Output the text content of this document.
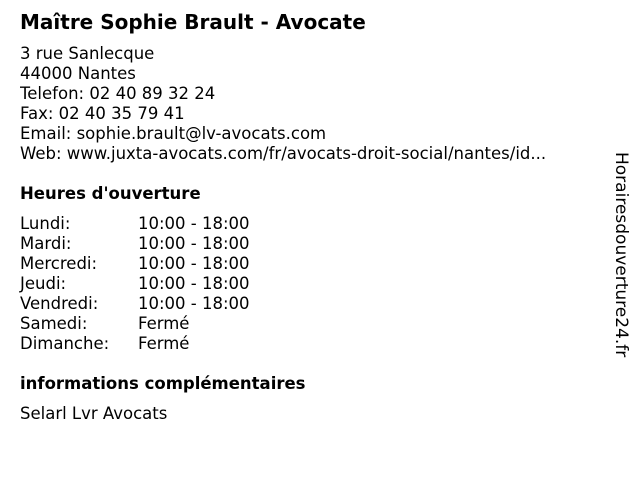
Maître Sophie Brault - Avocate
3 rue Sanlecque
44000 Nantes
Telefon: 02 40 89 32 24
Fax: 02 40 35 79 41
Email: sophie.brault@lv-avocats.com
Web: www.juxta-avocats.com/fr/avocats-droit-social/nantes/id...
Heures d'ouverture
Lundi:	10:00 - 18:00
Mardi:	10:00 - 18:00
Mercredi:	10:00 - 18:00
Jeudi:	10:00 - 18:00
Vendredi:	10:00 - 18:00
Samedi:	Fermé
Dimanche:	Fermé
informations complémentaires
Selarl Lvr Avocats
Horairesdouverture24.fr
